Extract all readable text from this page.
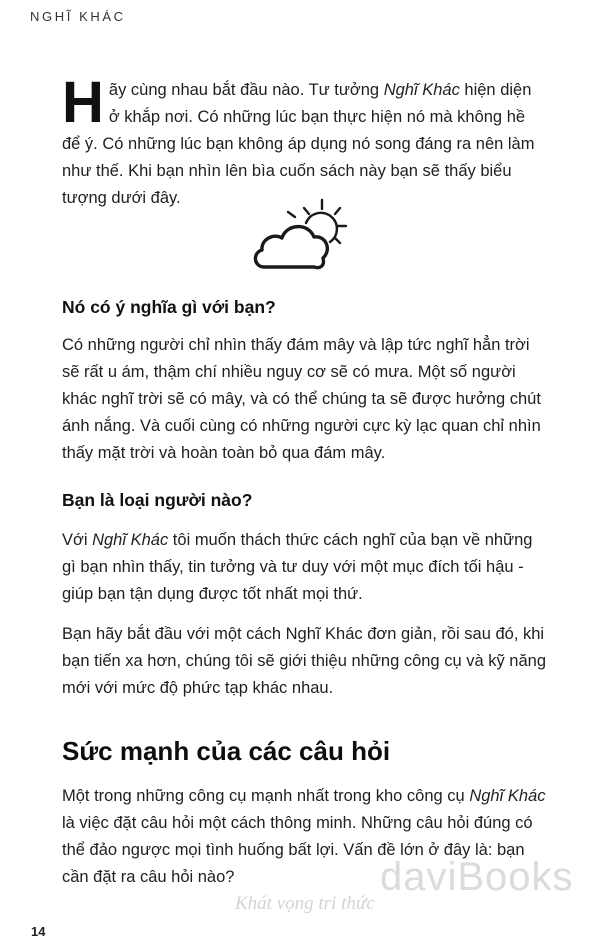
NGHĨ KHÁC
Hãy cùng nhau bắt đầu nào. Tư tưởng Nghĩ Khác hiện diện ở khắp nơi. Có những lúc bạn thực hiện nó mà không hề để ý. Có những lúc bạn không áp dụng nó song đáng ra nên làm như thế. Khi bạn nhìn lên bìa cuốn sách này bạn sẽ thấy biểu tượng dưới đây.
Nó có ý nghĩa gì với bạn?
Có những người chỉ nhìn thấy đám mây và lập tức nghĩ hẳn trời sẽ rất u ám, thậm chí nhiều nguy cơ sẽ có mưa. Một số người khác nghĩ trời sẽ có mây, và có thể chúng ta sẽ được hưởng chút ánh nắng. Và cuối cùng có những người cực kỳ lạc quan chỉ nhìn thấy mặt trời và hoàn toàn bỏ qua đám mây.
Bạn là loại người nào?
Với Nghĩ Khác tôi muốn thách thức cách nghĩ của bạn về những gì bạn nhìn thấy, tin tưởng và tư duy với một mục đích tối hậu - giúp bạn tận dụng được tốt nhất mọi thứ.
Bạn hãy bắt đầu với một cách Nghĩ Khác đơn giản, rồi sau đó, khi bạn tiến xa hơn, chúng tôi sẽ giới thiệu những công cụ và kỹ năng mới với mức độ phức tạp khác nhau.
Sức mạnh của các câu hỏi
Một trong những công cụ mạnh nhất trong kho công cụ Nghĩ Khác là việc đặt câu hỏi một cách thông minh. Những câu hỏi đúng có thể đảo ngược mọi tình huống bất lợi. Vấn đề lớn ở đây là: bạn cần đặt ra câu hỏi nào?	daviBooks
Khát vọng tri thức
14
